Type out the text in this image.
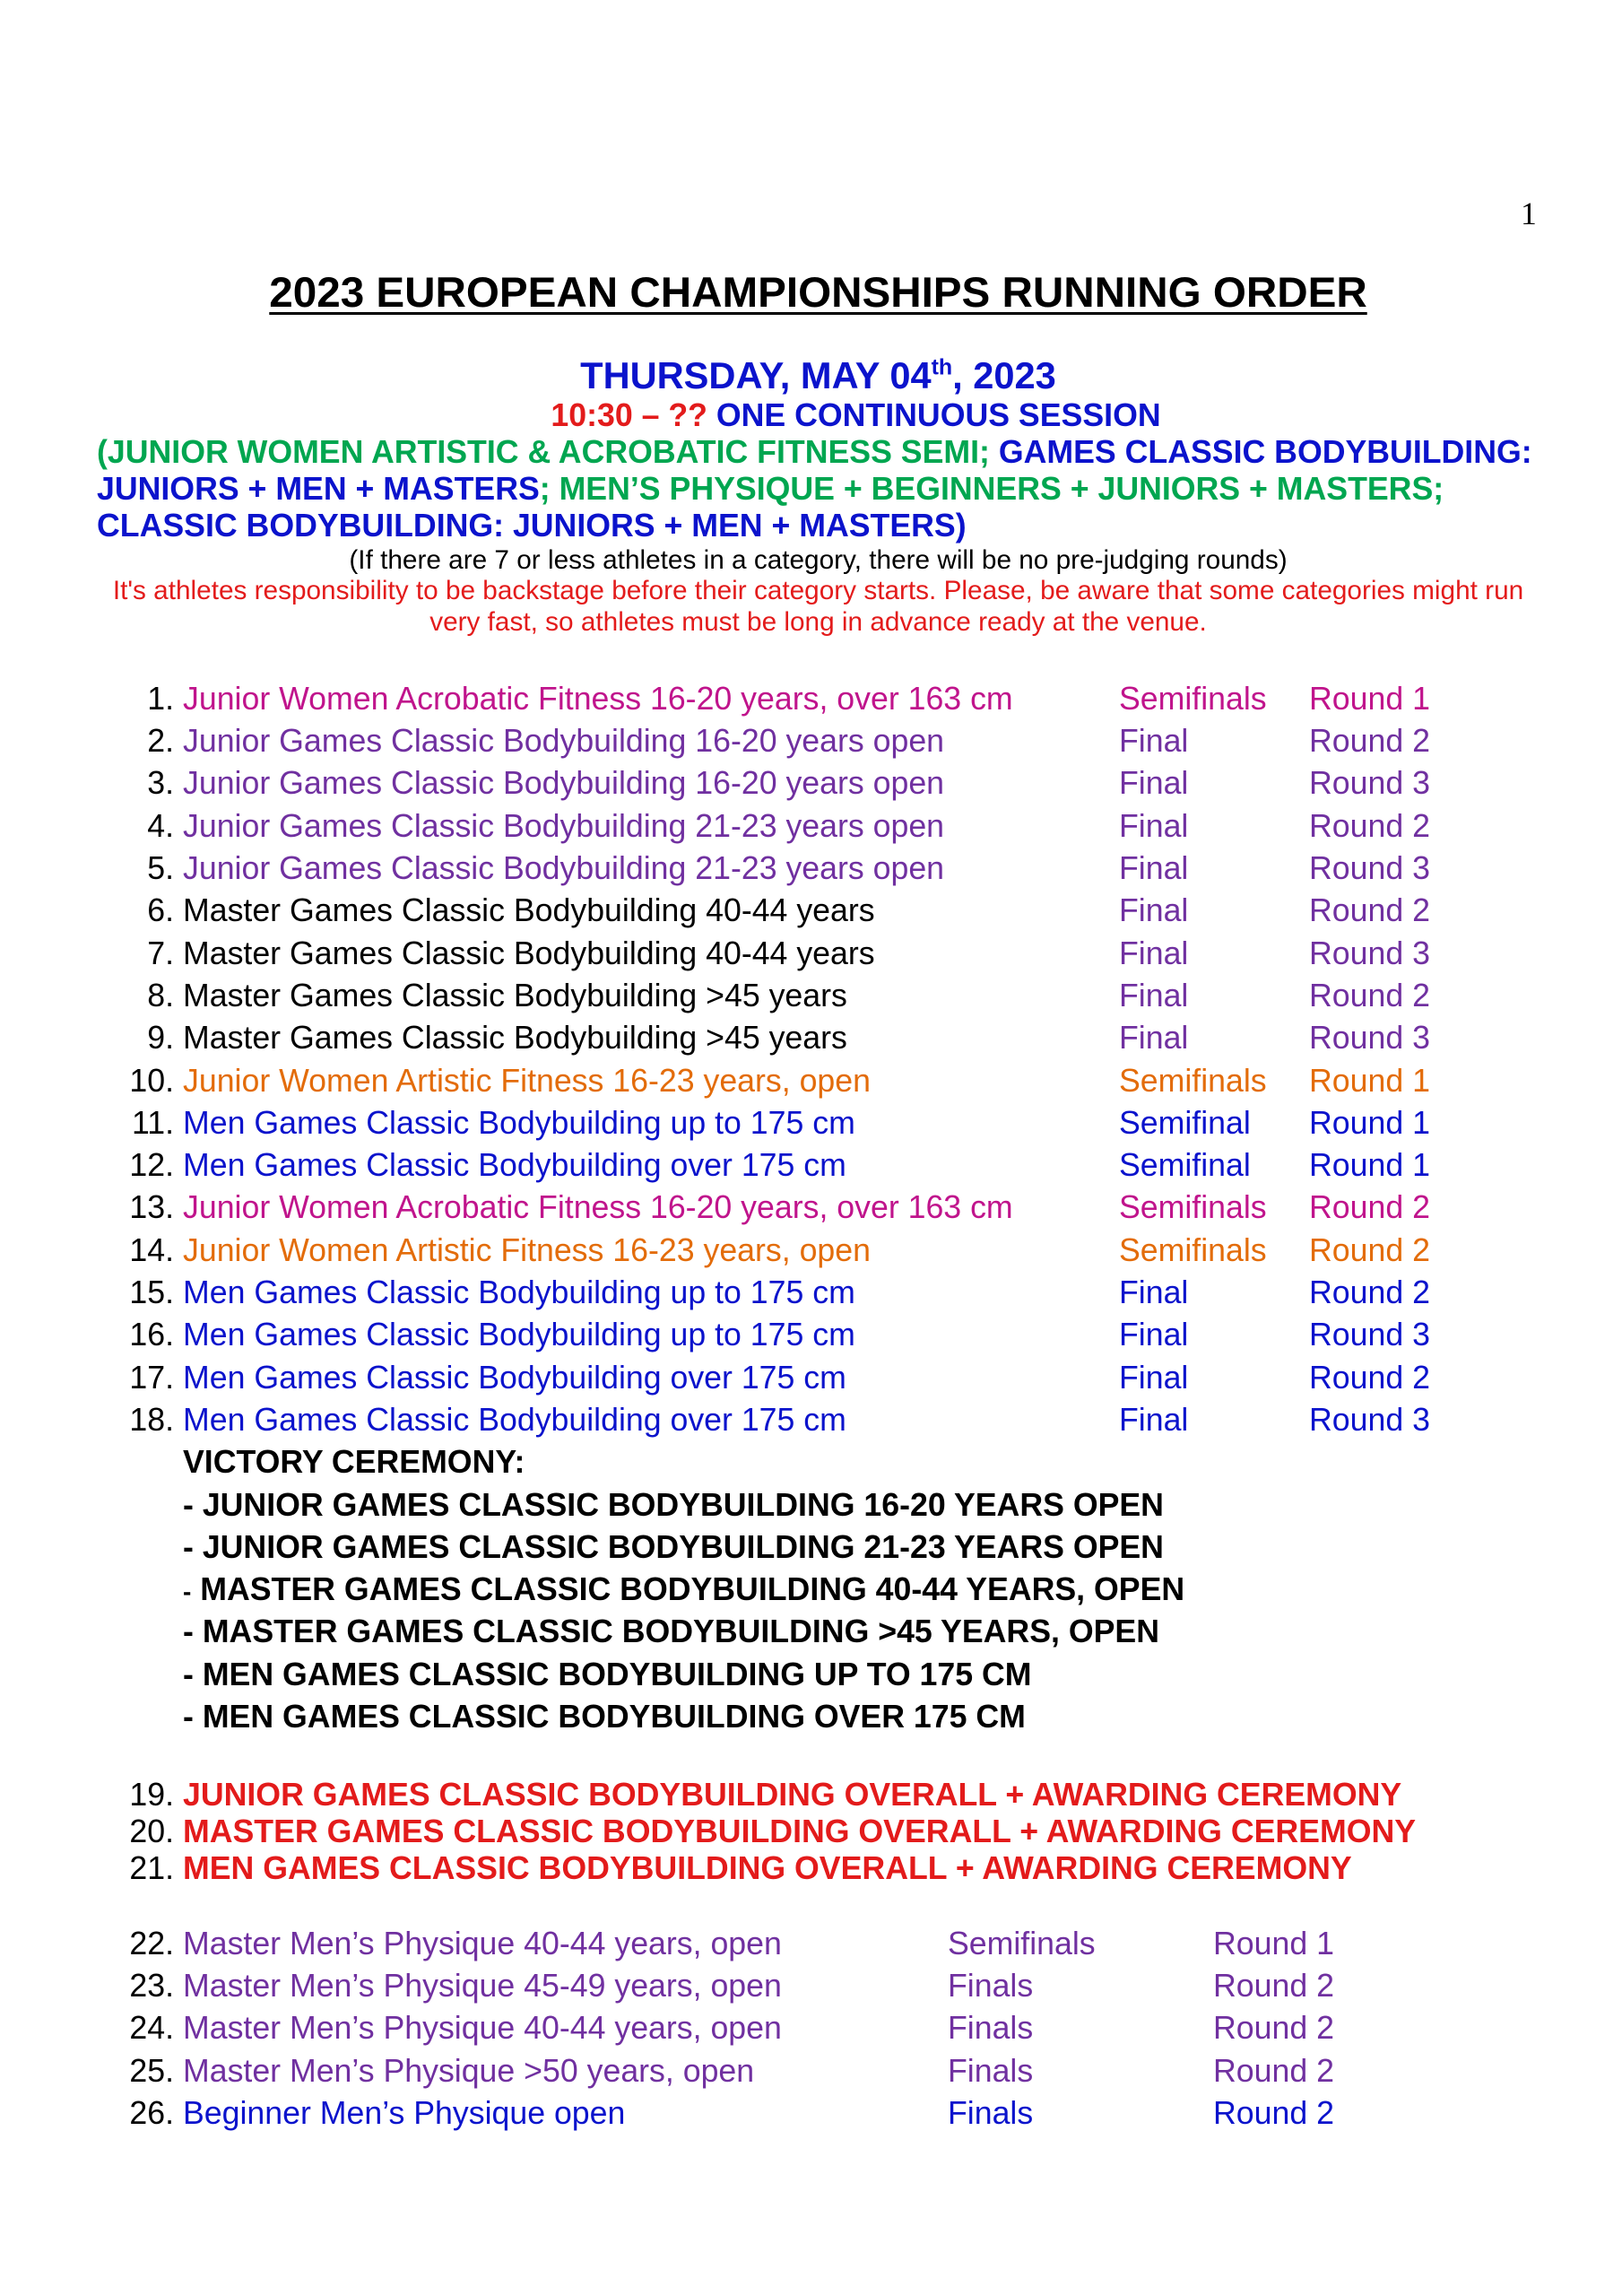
1
2023 EUROPEAN CHAMPIONSHIPS RUNNING ORDER
THURSDAY, MAY 04th, 2023
10:30 – ?? ONE CONTINUOUS SESSION
(JUNIOR WOMEN ARTISTIC & ACROBATIC FITNESS SEMI; GAMES CLASSIC BODYBUILDING:
JUNIORS + MEN + MASTERS; MEN’S PHYSIQUE + BEGINNERS + JUNIORS + MASTERS;
CLASSIC BODYBUILDING: JUNIORS + MEN + MASTERS)
(If there are 7 or less athletes in a category, there will be no pre-judging rounds)
It's athletes responsibility to be backstage before their category starts. Please, be aware that some categories might run
very fast, so athletes must be long in advance ready at the venue.
1. Junior Women Acrobatic Fitness 16-20 years, over 163 cm	Semifinals Round 1
2. Junior Games Classic Bodybuilding 16-20 years open	Final	Round 2
3. Junior Games Classic Bodybuilding 16-20 years open	Final	Round 3
4. Junior Games Classic Bodybuilding 21-23 years open	Final	Round 2
5. Junior Games Classic Bodybuilding 21-23 years open	Final	Round 3
6. Master Games Classic Bodybuilding 40-44 years	Final	Round 2
7. Master Games Classic Bodybuilding 40-44 years	Final	Round 3
8. Master Games Classic Bodybuilding >45 years	Final	Round 2
9. Master Games Classic Bodybuilding >45 years	Final	Round 3
10. Junior Women Artistic Fitness 16-23 years, open	Semifinals Round 1
11. Men Games Classic Bodybuilding up to 175 cm	Semifinal Round 1
12. Men Games Classic Bodybuilding over 175 cm	Semifinal Round 1
13. Junior Women Acrobatic Fitness 16-20 years, over 163 cm	Semifinals Round 2
14. Junior Women Artistic Fitness 16-23 years, open	Semifinals Round 2
15. Men Games Classic Bodybuilding up to 175 cm	Final	Round 2
16. Men Games Classic Bodybuilding up to 175 cm	Final	Round 3
17. Men Games Classic Bodybuilding over 175 cm	Final	Round 2
18. Men Games Classic Bodybuilding over 175 cm	Final	Round 3
VICTORY CEREMONY:
- JUNIOR GAMES CLASSIC BODYBUILDING 16-20 YEARS OPEN
- JUNIOR GAMES CLASSIC BODYBUILDING 21-23 YEARS OPEN
- MASTER GAMES CLASSIC BODYBUILDING 40-44 YEARS, OPEN
- MASTER GAMES CLASSIC BODYBUILDING >45 YEARS, OPEN
- MEN GAMES CLASSIC BODYBUILDING UP TO 175 CM
- MEN GAMES CLASSIC BODYBUILDING OVER 175 CM
19. JUNIOR GAMES CLASSIC BODYBUILDING OVERALL + AWARDING CEREMONY
20. MASTER GAMES CLASSIC BODYBUILDING OVERALL + AWARDING CEREMONY
21. MEN GAMES CLASSIC BODYBUILDING OVERALL + AWARDING CEREMONY
22. Master Men’s Physique 40-44 years, open	Semifinals	Round 1
23. Master Men’s Physique 45-49 years, open	Finals	Round 2
24. Master Men’s Physique 40-44 years, open	Finals	Round 2
25. Master Men’s Physique >50 years, open	Finals	Round 2
26. Beginner Men’s Physique open	Finals	Round 2
